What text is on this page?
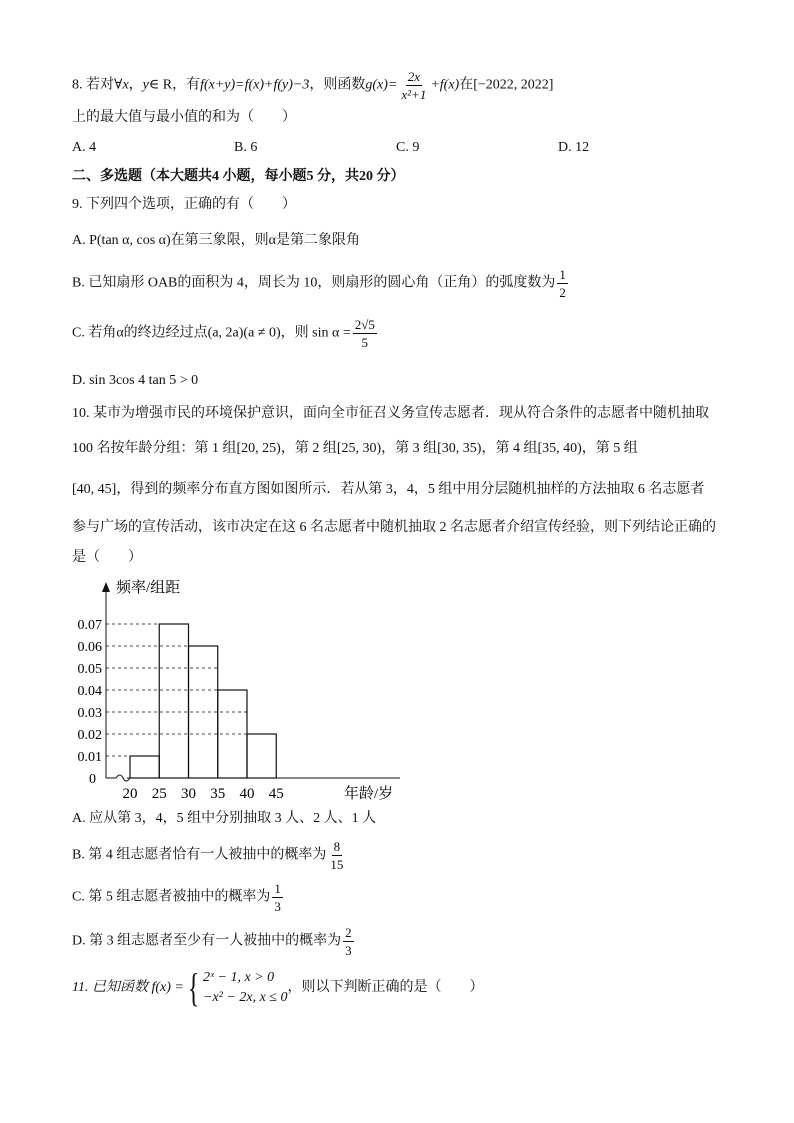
8. 若对∀x，y∈ R，有f(x+y)=f(x)+f(y)−3，则函数$g(x)= \frac{2x}{\text{x²+1}} +f(x)$在[−2022, 2022]
上的最大值与最小值的和为（　　）
A. 4	B. 6	C. 9	D. 12
二、多选题（本大题共4 小题，每小题5 分，共20 分）
9. 下列四个选项，正确的有（　　）
A. P(tan α, cos α)在第三象限，则α是第二象限角
B. 已知扇形 OAB的面积为 4，周长为 10，则扇形的圆心角（正角）的弧度数为 $\frac{1}{2}$
C. 若角α的终边经过点(a, 2a)(a ≠ 0)，则 $\sin \alpha = \frac{2√5}{5}$
D. sin 3cos 4 tan 5 > 0
10. 某市为增强市民的环境保护意识，面向全市征召义务宣传志愿者．现从符合条件的志愿者中随机抽取
100 名按年龄分组：第 1 组[20, 25)，第 2 组[25, 30)，第 3 组[30, 35)，第 4 组[35, 40)，第 5 组
[40, 45]，得到的频率分布直方图如图所示．若从第 3，4，5 组中用分层随机抽样的方法抽取 6 名志愿者
参与广场的宣传活动，该市决定在这 6 名志愿者中随机抽取 2 名志愿者介绍宣传经验，则下列结论正确的
是（　　）
频率/组距
年龄/岁
0
0.07
0.06
0.05
0.04
0.03
0.02
0.01
20 25 30 35 40 45
A. 应从第 3，4，5 组中分别抽取 3 人、2 人、1 人
B. 第 4 组志愿者恰有一人被抽中的概率为 $\frac{8}{15}$
C. 第 5 组志愿者被抽中的概率为 $\frac{1}{3}$
D. 第 3 组志愿者至少有一人被抽中的概率为 $\frac{2}{3}$
11. 已知函数 f(x) ={ 2ˣ − 1, x > 0
−x² − 2x, x ≤ 0
，则以下判断正确的是（　　）
